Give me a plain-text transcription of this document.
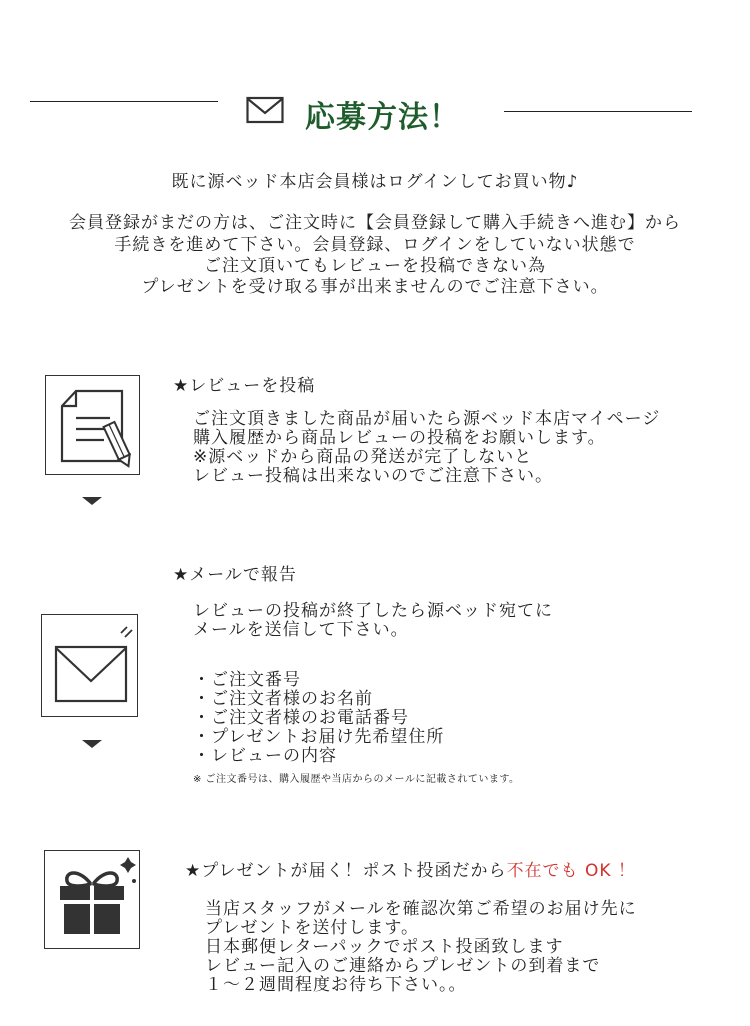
応募方法！
既に源ベッド本店会員様はログインしてお買い物♪
会員登録がまだの方は、ご注文時に【会員登録して購入手続きへ進む】から
手続きを進めて下さい。会員登録、ログインをしていない状態で
ご注文頂いてもレビューを投稿できない為
プレゼントを受け取る事が出来ませんのでご注意下さい。
★レビューを投稿
ご注文頂きました商品が届いたら源ベッド本店マイページ
購入履歴から商品レビューの投稿をお願いします。
※源ベッドから商品の発送が完了しないと
レビュー投稿は出来ないのでご注意下さい。
★メールで報告
レビューの投稿が終了したら源ベッド宛てに
メールを送信して下さい。
・ご注文番号
・ご注文者様のお名前
・ご注文者様のお電話番号
・プレゼントお届け先希望住所
・レビューの内容
※ ご注文番号は、購入履歴や当店からのメールに記載されています。
★プレゼントが届く！ポスト投函だから不在でも OK ！
当店スタッフがメールを確認次第ご希望のお届け先に
プレゼントを送付します。
日本郵便レターパックでポスト投函致します
レビュー記入のご連絡からプレゼントの到着まで
１～２週間程度お待ち下さい。。
